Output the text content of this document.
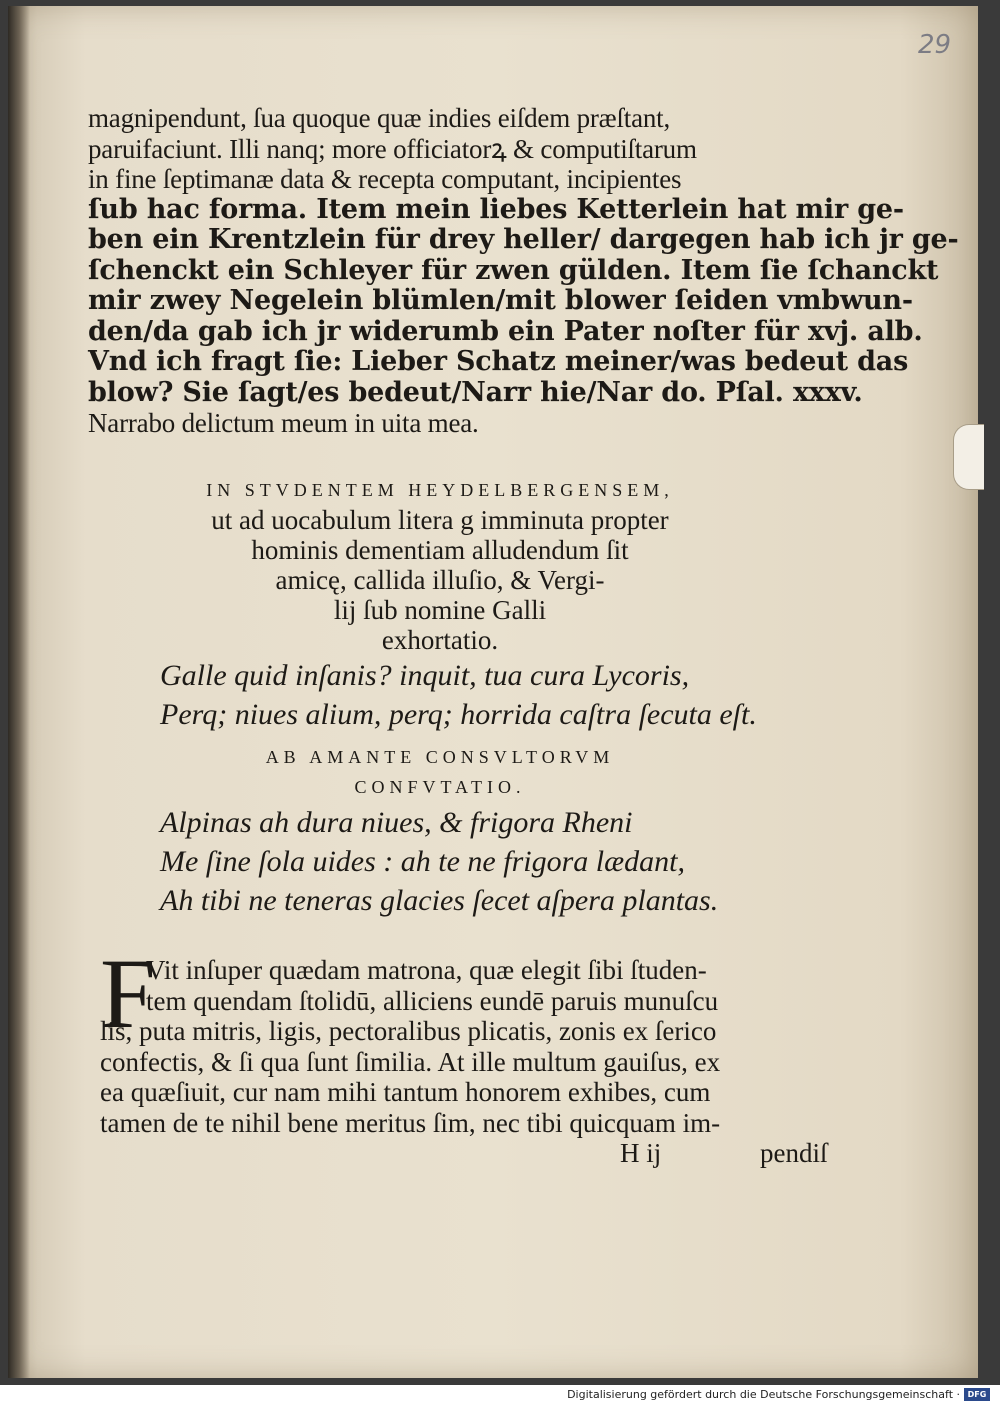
29
magnipendunt, ſua quoque quæ indies eiſdem præſtant,
paruifaciunt. Illi nanq; more officiatorꝝ & computiſtarum
in fine ſeptimanæ data & recepta computant, incipientes
ſub hac forma. Item mein liebes Ketterlein hat mir ge-
ben ein Krentzlein für drey heller/ dargegen hab ich jr ge-
ſchenckt ein Schleyer für zwen gülden. Item ſie ſchanckt
mir zwey Negelein blümlen/mit blower ſeiden vmbwun-
den/da gab ich jr widerumb ein Pater noſter für xvj. alb.
Vnd ich fragt ſie: Lieber Schatz meiner/was bedeut das
blow? Sie ſagt/es bedeut/Narr hie/Nar do. Pſal. xxxv.
Narrabo delictum meum in uita mea.
IN STVDENTEM HEYDELBERGENSEM,
ut ad uocabulum litera g imminuta propter
hominis dementiam alludendum ſit
amicę, callida illuſio, & Vergi-
lij ſub nomine Galli
exhortatio.
Galle quid inſanis? inquit, tua cura Lycoris,
Perq; niues alium, perq; horrida caſtra ſecuta eſt.
AB AMANTE CONSVLTORVM
CONFVTATIO.
Alpinas ah dura niues, & frigora Rheni
Me ſine ſola uides : ah te ne frigora lædant,
Ah tibi ne teneras glacies ſecet aſpera plantas.
F
Vit inſuper quædam matrona, quæ elegit ſibi ſtuden-
tem quendam ſtolidū, alliciens eundē paruis munuſcu
lis, puta mitris, ligis, pectoralibus plicatis, zonis ex ſerico
confectis, & ſi qua ſunt ſimilia. At ille multum gauiſus, ex
ea quæſiuit, cur nam mihi tantum honorem exhibes, cum
tamen de te nihil bene meritus ſim, nec tibi quicquam im-
H ij	pendiſ
Digitalisierung gefördert durch die Deutsche Forschungsgemeinschaft · DFG
